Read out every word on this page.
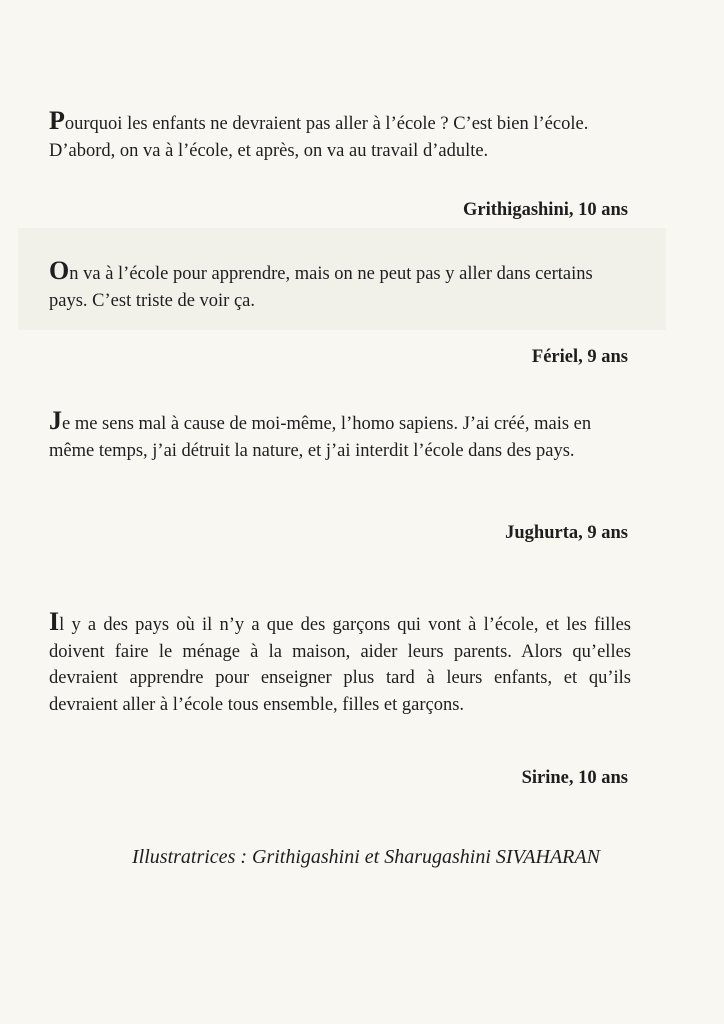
Pourquoi les enfants ne devraient pas aller à l’école ? C’est bien l’école. D’abord, on va à l’école, et après, on va au travail d’adulte.

Grithigashini, 10 ans

On va à l’école pour apprendre, mais on ne peut pas y aller dans certains pays. C’est triste de voir ça.

Fériel, 9 ans

Je me sens mal à cause de moi-même, l’homo sapiens. J’ai créé, mais en même temps, j’ai détruit la nature, et j’ai interdit l’école dans des pays.

Jughurta, 9 ans

Il y a des pays où il n’y a que des garçons qui vont à l’école, et les filles doivent faire le ménage à la maison, aider leurs parents. Alors qu’elles devraient apprendre pour enseigner plus tard à leurs enfants, et qu’ils devraient aller à l’école tous ensemble, filles et garçons.

Sirine, 10 ans

Illustratrices : Grithigashini et Sharugashini SIVAHARAN
